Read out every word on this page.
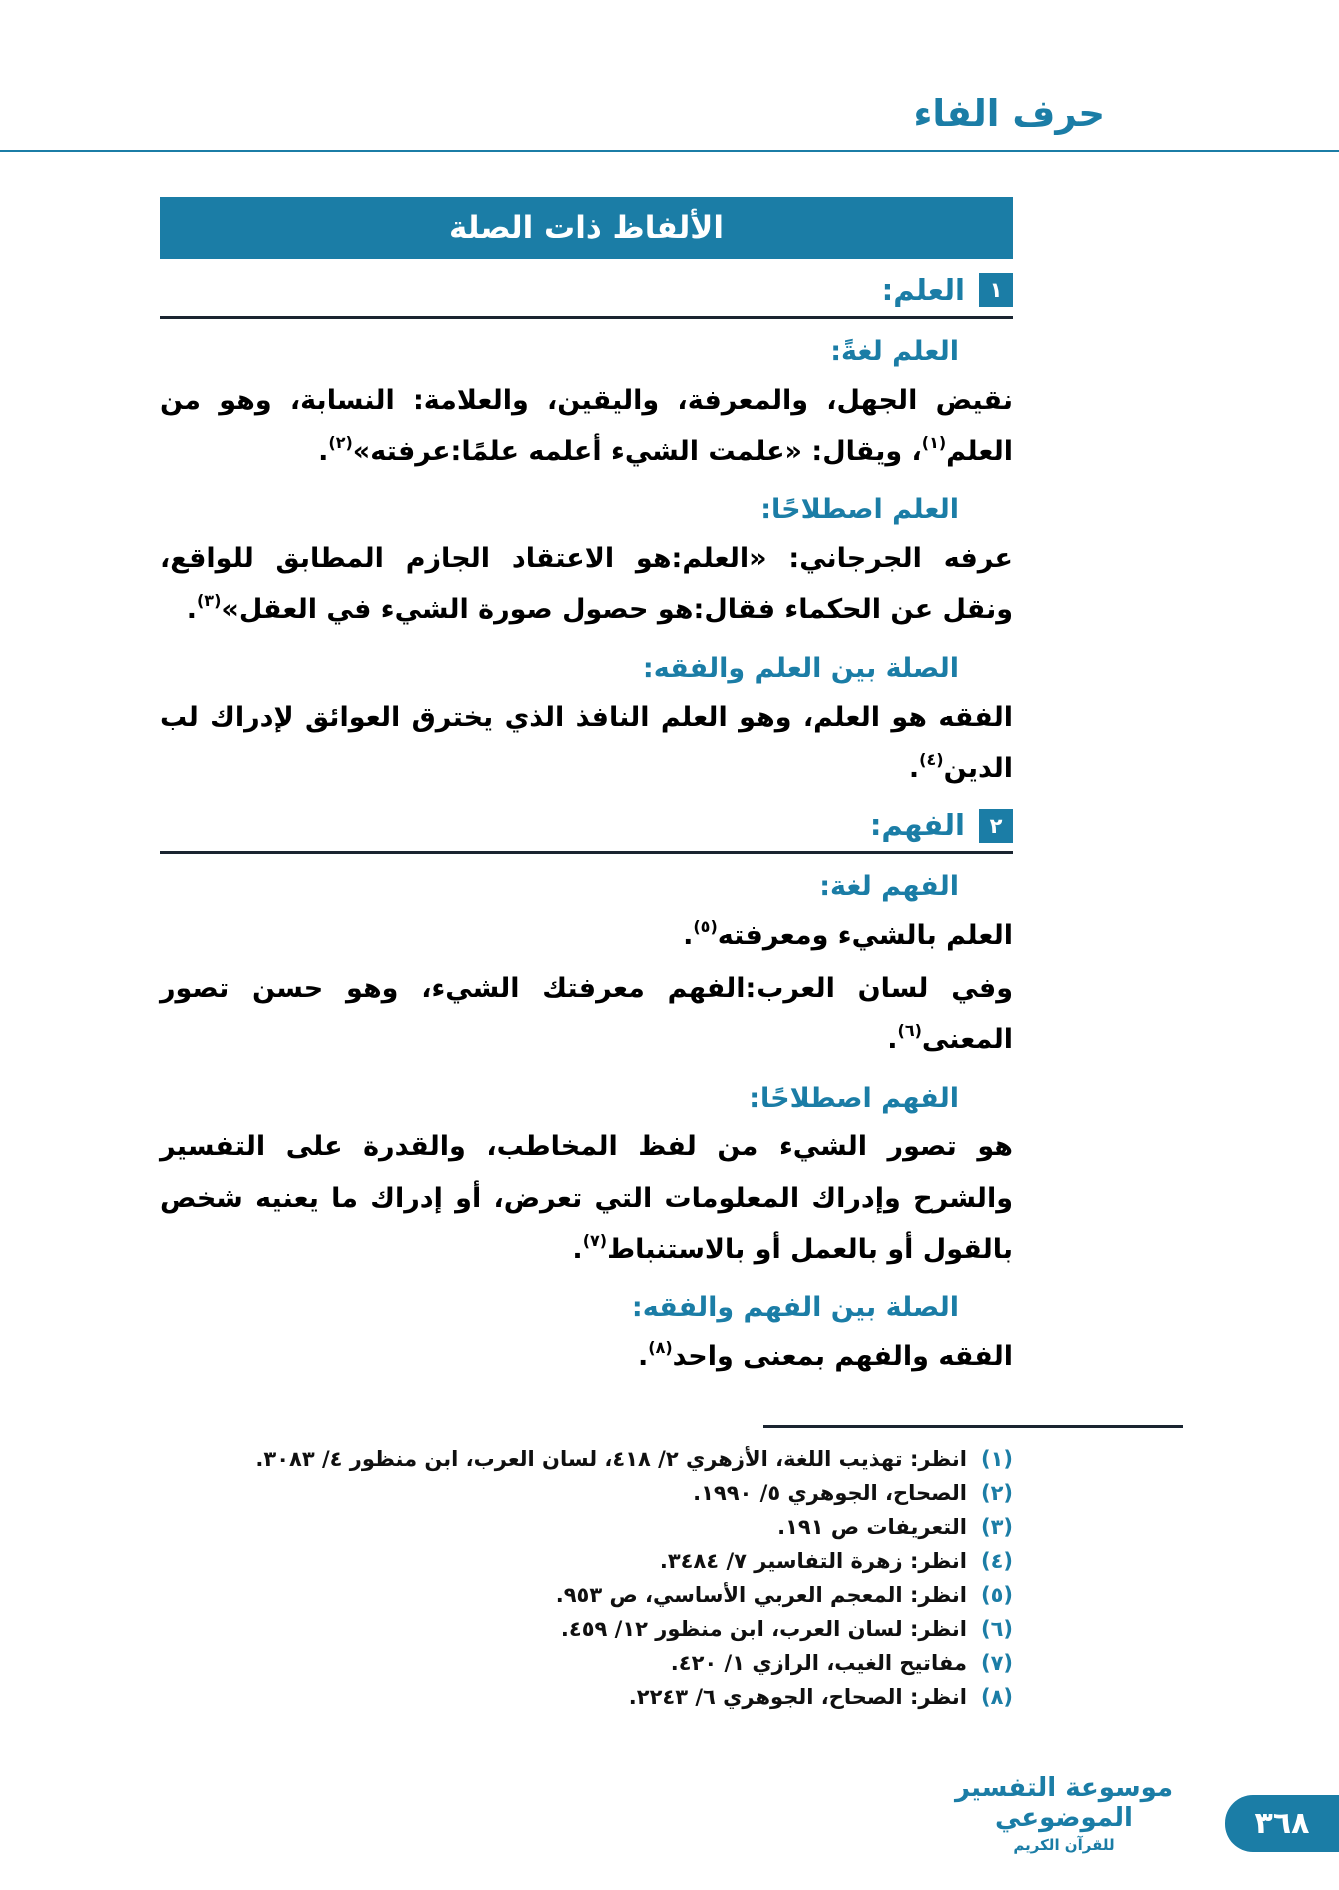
حرف الفاء
الألفاظ ذات الصلة
١
العلم:
العلم لغةً:
نقيض الجهل، والمعرفة، واليقين، والعلامة: النسابة، وهو من العلم$^{(١)}$، ويقال: «علمت الشيء أعلمه علمًا:عرفته»$^{(٢)}$.
العلم اصطلاحًا:
عرفه الجرجاني: «العلم:هو الاعتقاد الجازم المطابق للواقع، ونقل عن الحكماء فقال:هو حصول صورة الشيء في العقل»$^{(٣)}$.
الصلة بين العلم والفقه:
الفقه هو العلم، وهو العلم النافذ الذي يخترق العوائق لإدراك لب الدين$^{(٤)}$.
٢
الفهم:
الفهم لغة:
العلم بالشيء ومعرفته$^{(٥)}$.
وفي لسان العرب:الفهم معرفتك الشيء، وهو حسن تصور المعنى$^{(٦)}$.
الفهم اصطلاحًا:
هو تصور الشيء من لفظ المخاطب، والقدرة على التفسير والشرح وإدراك المعلومات التي تعرض، أو إدراك ما يعنيه شخص بالقول أو بالعمل أو بالاستنباط$^{(٧)}$.
الصلة بين الفهم والفقه:
الفقه والفهم بمعنى واحد$^{(٨)}$.
(١)
انظر: تهذيب اللغة، الأزهري ٢/ ٤١٨، لسان العرب، ابن منظور ٤/ ٣٠٨٣.
(٢)
الصحاح، الجوهري ٥/ ١٩٩٠.
(٣)
التعريفات ص ١٩١.
(٤)
انظر: زهرة التفاسير ٧/ ٣٤٨٤.
(٥)
انظر: المعجم العربي الأساسي، ص ٩٥٣.
(٦)
انظر: لسان العرب، ابن منظور ١٢/ ٤٥٩.
(٧)
مفاتيح الغيب، الرازي ١/ ٤٢٠.
(٨)
انظر: الصحاح، الجوهري ٦/ ٢٢٤٣.
موسوعة التفسير الموضوعي
للقرآن الكريم
٣٦٨
